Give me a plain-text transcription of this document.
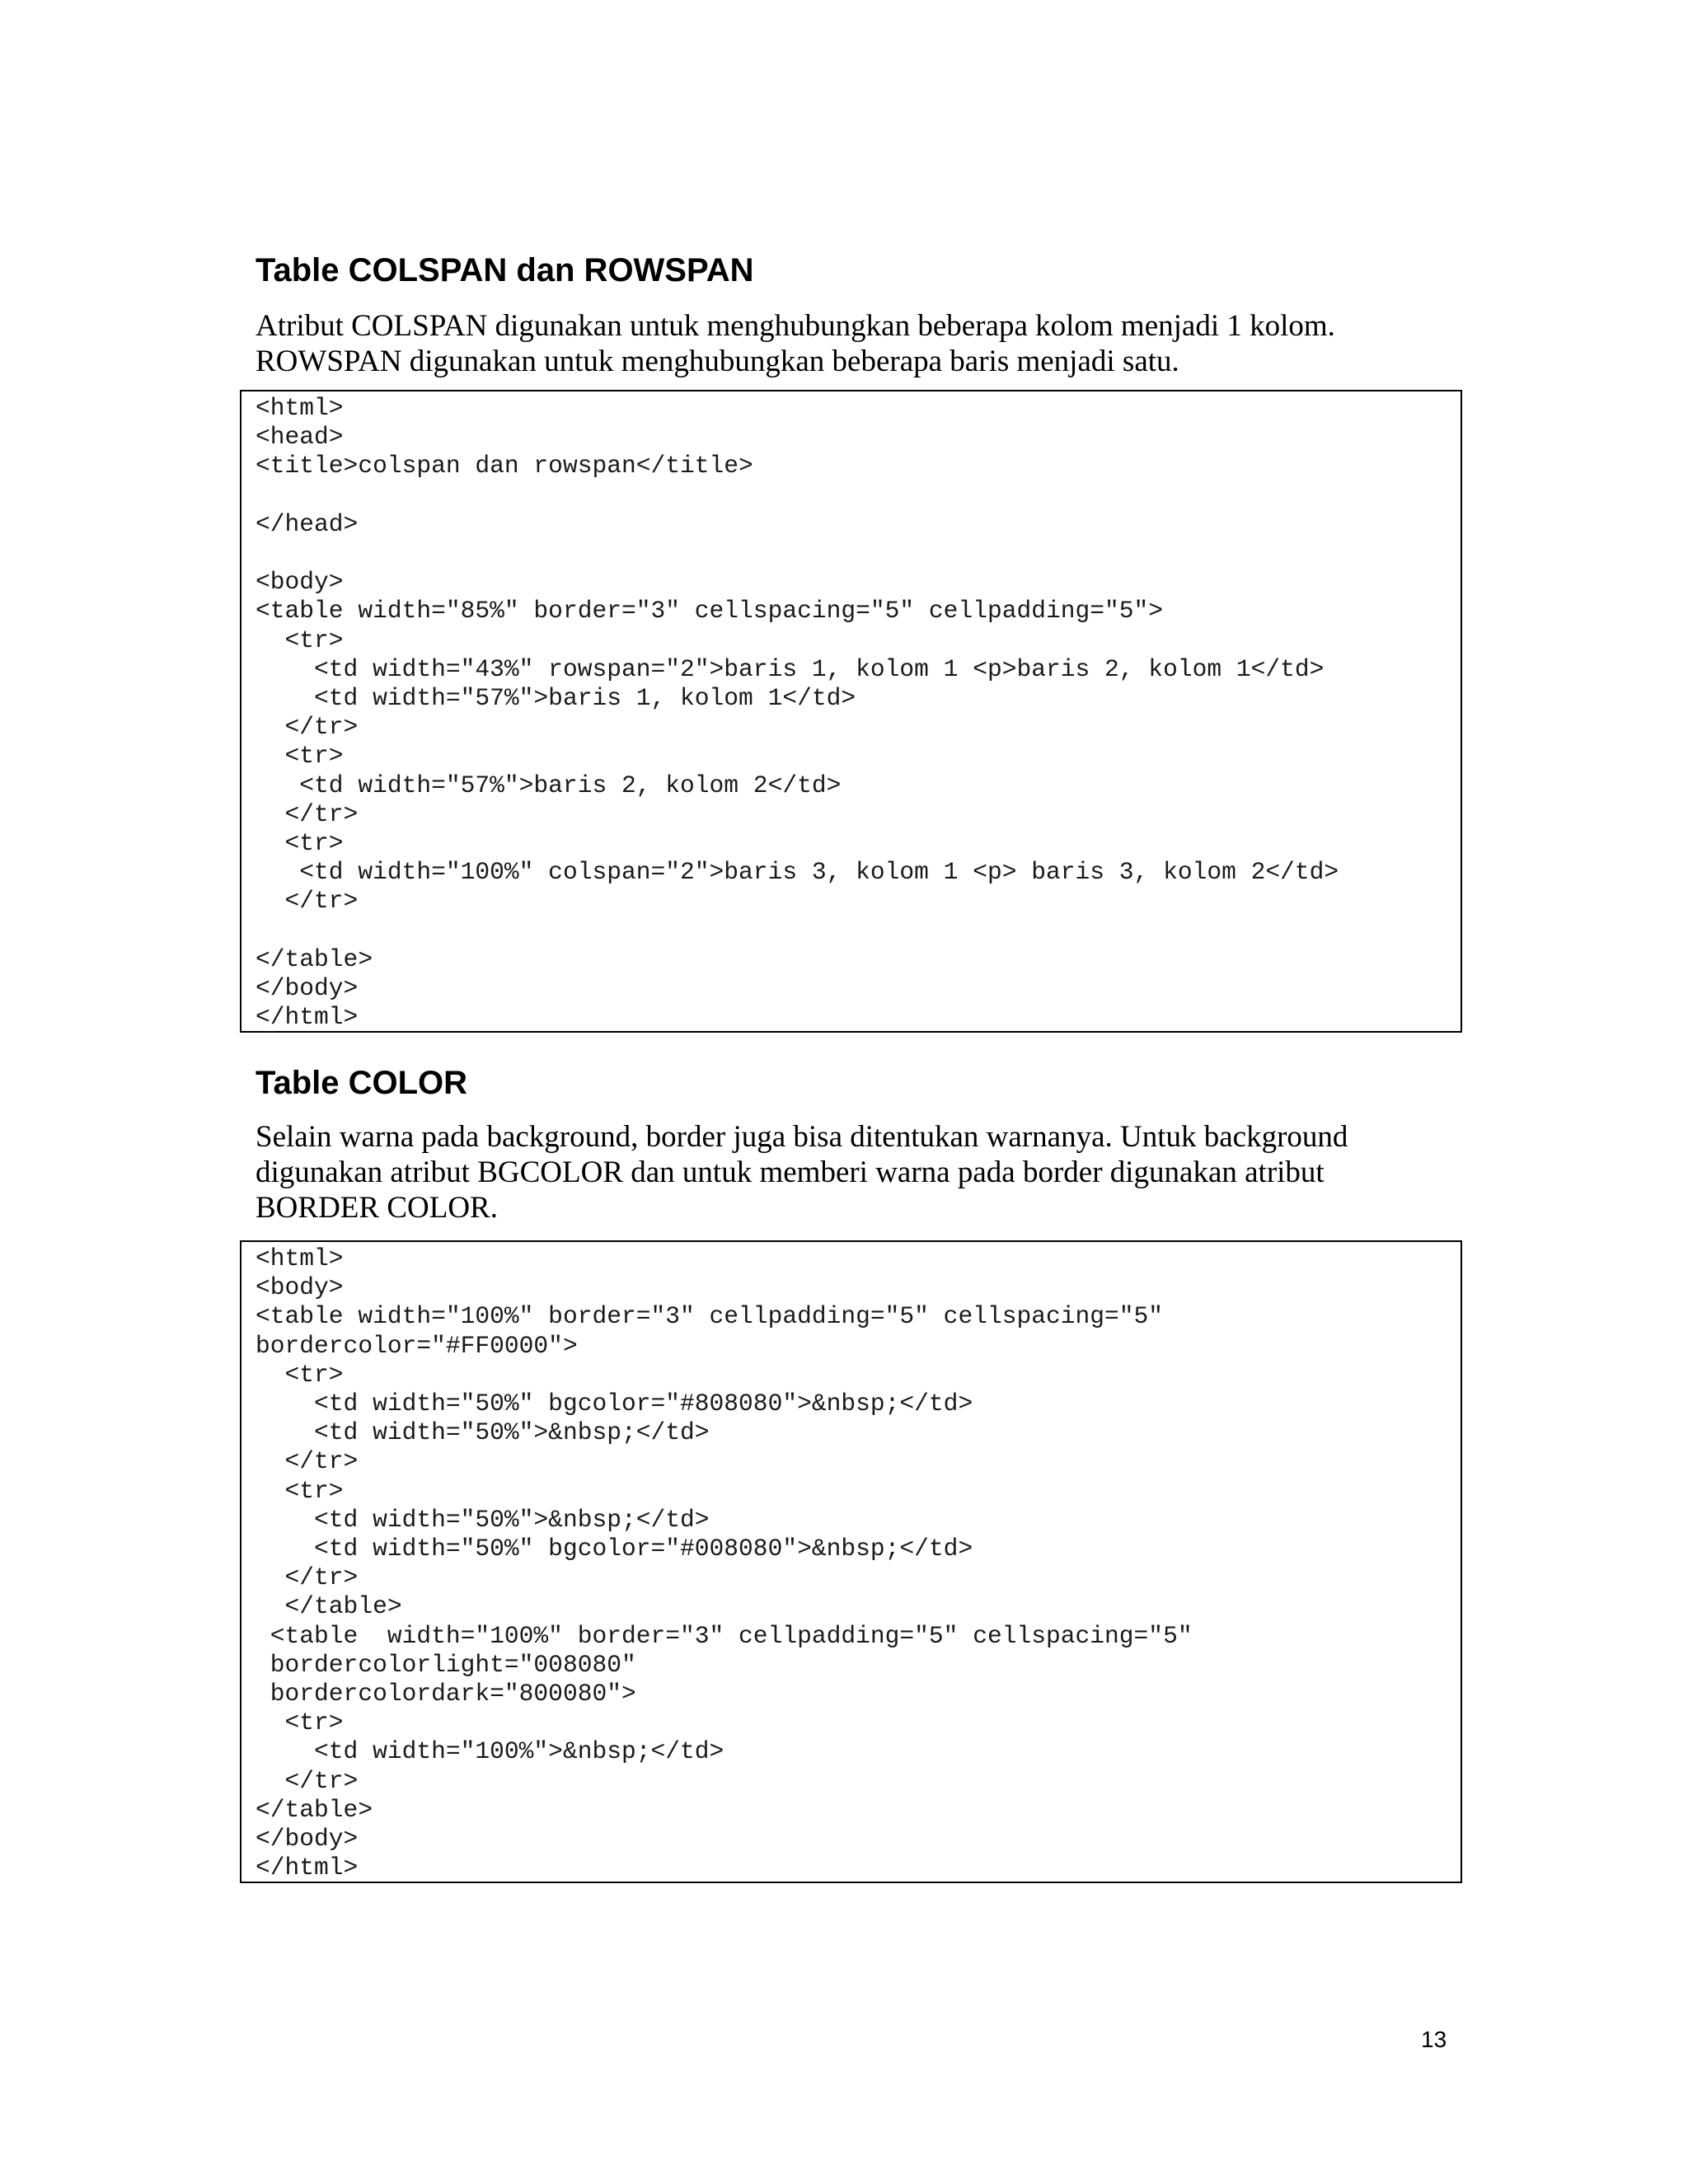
Table COLSPAN dan ROWSPAN

Atribut COLSPAN digunakan untuk menghubungkan beberapa kolom menjadi 1 kolom.
ROWSPAN digunakan untuk menghubungkan beberapa baris menjadi satu.

<html>
<head>
<title>colspan dan rowspan</title>

</head>

<body>
<table width="85%" border="3" cellspacing="5" cellpadding="5">
<tr>
<td width="43%" rowspan="2">baris 1, kolom 1 <p>baris 2, kolom 1</td>
<td width="57%">baris 1, kolom 1</td>
</tr>
<tr>
<td width="57%">baris 2, kolom 2</td>
</tr>
<tr>
<td width="100%" colspan="2">baris 3, kolom 1 <p> baris 3, kolom 2</td>
</tr>

</table>
</body>
</html>
Table COLOR

Selain warna pada background, border juga bisa ditentukan warnanya. Untuk background
digunakan atribut BGCOLOR dan untuk memberi warna pada border digunakan atribut
BORDER COLOR.

<html>
<body>
<table width="100%" border="3" cellpadding="5" cellspacing="5"
bordercolor="#FF0000">
<tr>
<td width="50%" bgcolor="#808080">&nbsp;</td>
<td width="50%">&nbsp;</td>
</tr>
<tr>
<td width="50%">&nbsp;</td>
<td width="50%" bgcolor="#008080">&nbsp;</td>
</tr>
</table>
<table  width="100%" border="3" cellpadding="5" cellspacing="5"
bordercolorlight="008080"
bordercolordark="800080">
<tr>
<td width="100%">&nbsp;</td>
</tr>
</table>
</body>
</html>
13
